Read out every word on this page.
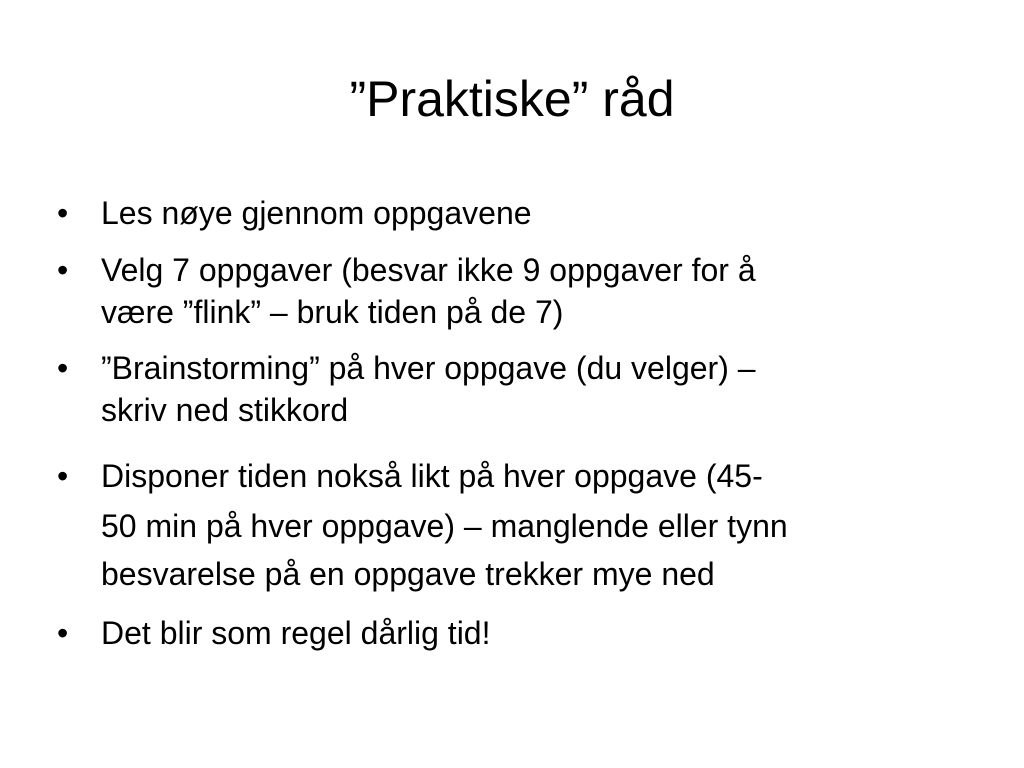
”Praktiske” råd
• Les nøye gjennom oppgavene
• Velg 7 oppgaver (besvar ikke 9 oppgaver for å
være ”flink” – bruk tiden på de 7)
• ”Brainstorming” på hver oppgave (du velger) –
skriv ned stikkord
• Disponer tiden nokså likt på hver oppgave (45-
50 min på hver oppgave) – manglende eller tynn
besvarelse på en oppgave trekker mye ned
• Det blir som regel dårlig tid!
